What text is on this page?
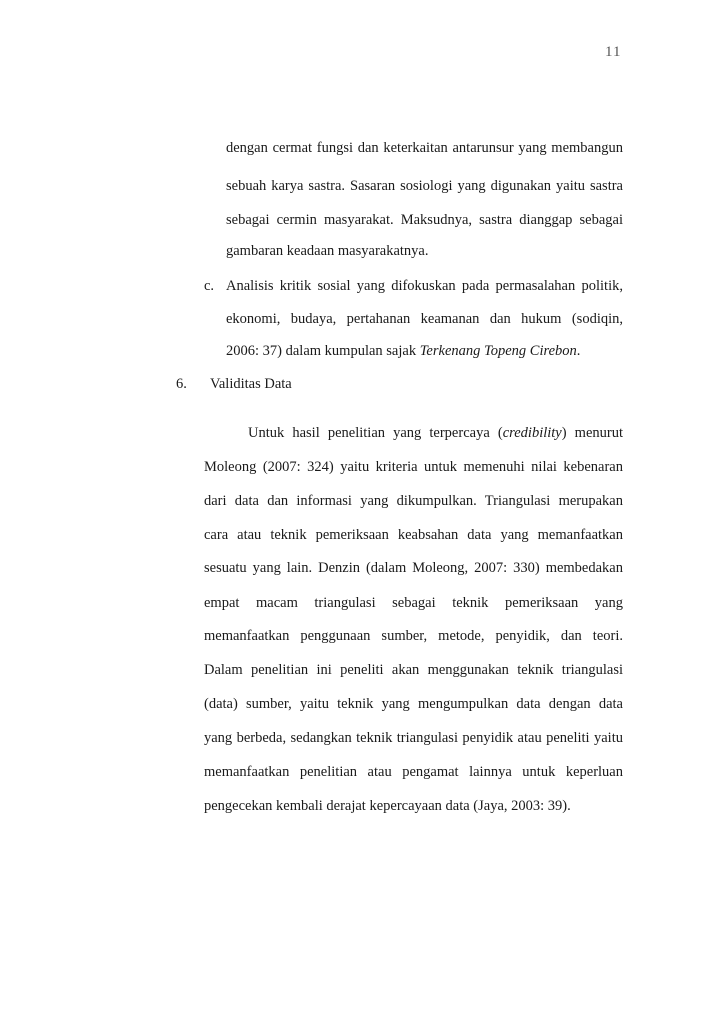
11
dengan cermat fungsi dan keterkaitan antarunsur yang membangun
sebuah karya sastra. Sasaran sosiologi yang digunakan yaitu sastra
sebagai cermin masyarakat. Maksudnya, sastra dianggap sebagai
gambaran keadaan masyarakatnya.
c. Analisis kritik sosial yang difokuskan pada permasalahan politik,
ekonomi, budaya, pertahanan keamanan dan hukum (sodiqin,
2006: 37) dalam kumpulan sajak Terkenang Topeng Cirebon.
6. Validitas Data
Untuk hasil penelitian yang terpercaya (credibility) menurut
Moleong (2007: 324) yaitu kriteria untuk memenuhi nilai kebenaran
dari data dan informasi yang dikumpulkan. Triangulasi merupakan
cara atau teknik pemeriksaan keabsahan data yang memanfaatkan
sesuatu yang lain. Denzin (dalam Moleong, 2007: 330) membedakan
empat macam triangulasi sebagai teknik pemeriksaan yang
memanfaatkan penggunaan sumber, metode, penyidik, dan teori.
Dalam penelitian ini peneliti akan menggunakan teknik triangulasi
(data) sumber, yaitu teknik yang mengumpulkan data dengan data
yang berbeda, sedangkan teknik triangulasi penyidik atau peneliti yaitu
memanfaatkan penelitian atau pengamat lainnya untuk keperluan
pengecekan kembali derajat kepercayaan data (Jaya, 2003: 39).
